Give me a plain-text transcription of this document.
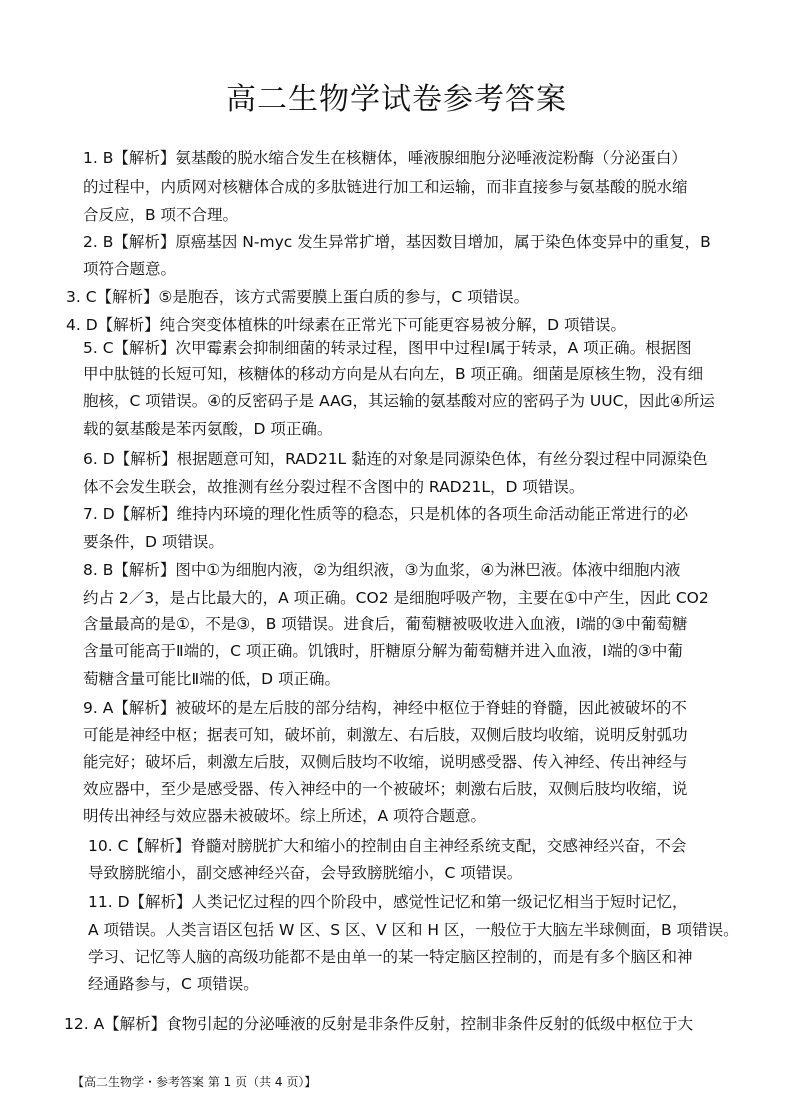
高二生物学试卷参考答案
1. B【解析】氨基酸的脱水缩合发生在核糖体，唾液腺细胞分泌唾液淀粉酶（分泌蛋白）
的过程中，内质网对核糖体合成的多肽链进行加工和运输，而非直接参与氨基酸的脱水缩
合反应，B 项不合理。
2. B【解析】原癌基因 N-myc 发生异常扩增，基因数目增加，属于染色体变异中的重复，B
项符合题意。
3. C【解析】⑤是胞吞，该方式需要膜上蛋白质的参与，C 项错误。
4. D【解析】纯合突变体植株的叶绿素在正常光下可能更容易被分解，D 项错误。
5. C【解析】次甲霉素会抑制细菌的转录过程，图甲中过程Ⅰ属于转录，A 项正确。根据图
甲中肽链的长短可知，核糖体的移动方向是从右向左，B 项正确。细菌是原核生物，没有细
胞核，C 项错误。④的反密码子是 AAG，其运输的氨基酸对应的密码子为 UUC，因此④所运
载的氨基酸是苯丙氨酸，D 项正确。
6. D【解析】根据题意可知，RAD21L 黏连的对象是同源染色体，有丝分裂过程中同源染色
体不会发生联会，故推测有丝分裂过程不含图中的 RAD21L，D 项错误。
7. D【解析】维持内环境的理化性质等的稳态，只是机体的各项生命活动能正常进行的必
要条件，D 项错误。
8. B【解析】图中①为细胞内液，②为组织液，③为血浆，④为淋巴液。体液中细胞内液
约占 2／3，是占比最大的，A 项正确。CO2 是细胞呼吸产物，主要在①中产生，因此 CO2
含量最高的是①，不是③，B 项错误。进食后，葡萄糖被吸收进入血液，Ⅰ端的③中葡萄糖
含量可能高于Ⅱ端的，C 项正确。饥饿时，肝糖原分解为葡萄糖并进入血液，Ⅰ端的③中葡
萄糖含量可能比Ⅱ端的低，D 项正确。
9. A【解析】被破坏的是左后肢的部分结构，神经中枢位于脊蛙的脊髓，因此被破坏的不
可能是神经中枢；据表可知，破坏前，刺激左、右后肢，双侧后肢均收缩，说明反射弧功
能完好；破坏后，刺激左后肢，双侧后肢均不收缩，说明感受器、传入神经、传出神经与
效应器中，至少是感受器、传入神经中的一个被破坏；刺激右后肢，双侧后肢均收缩，说
明传出神经与效应器未被破坏。综上所述，A 项符合题意。
10. C【解析】脊髓对膀胱扩大和缩小的控制由自主神经系统支配，交感神经兴奋，不会
导致膀胱缩小，副交感神经兴奋，会导致膀胱缩小，C 项错误。
11. D【解析】人类记忆过程的四个阶段中，感觉性记忆和第一级记忆相当于短时记忆，
A 项错误。人类言语区包括 W 区、S 区、V 区和 H 区，一般位于大脑左半球侧面，B 项错误。
学习、记忆等人脑的高级功能都不是由单一的某一特定脑区控制的，而是有多个脑区和神
经通路参与，C 项错误。
12. A【解析】食物引起的分泌唾液的反射是非条件反射，控制非条件反射的低级中枢位于大
【高二生物学・参考答案 第 1 页（共 4 页）】
